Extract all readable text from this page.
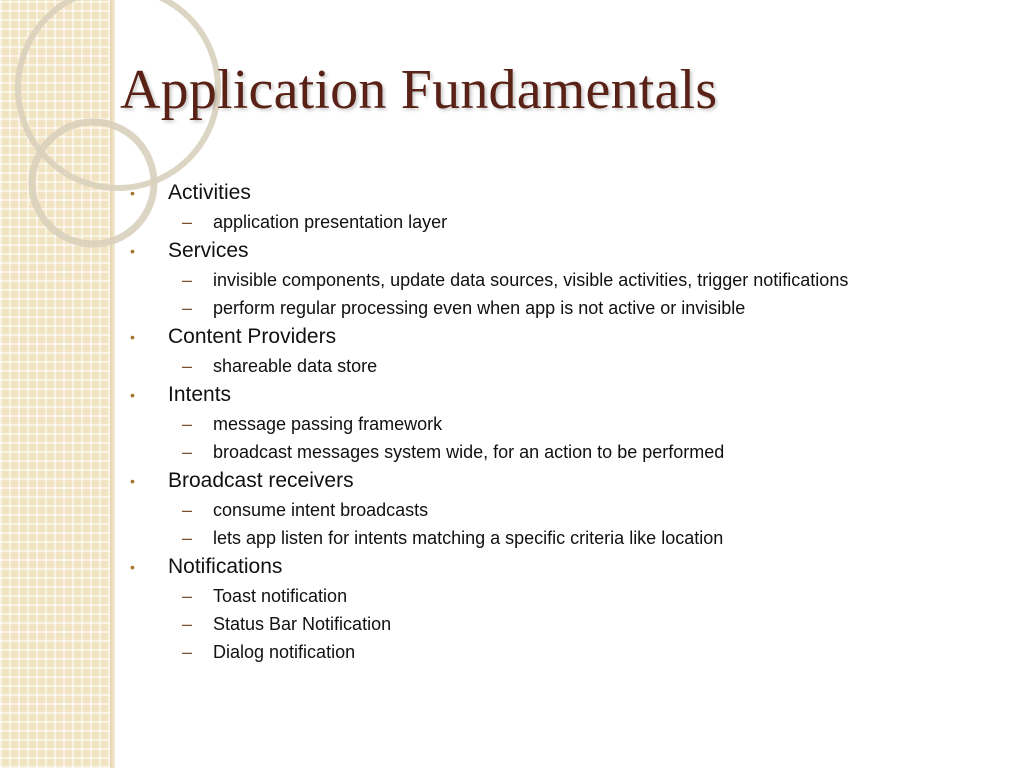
Application Fundamentals
•	Activities
– application presentation layer
•	Services
– invisible components, update data sources, visible activities, trigger notifications
– perform regular processing even when app is not active or invisible
•	Content Providers
– shareable data store
•	Intents
– message passing framework
– broadcast messages system wide, for an action to be performed
•	Broadcast receivers
– consume intent broadcasts
– lets app listen for intents matching a specific criteria like location
•	Notifications
– Toast notification
– Status Bar Notification
– Dialog notification
